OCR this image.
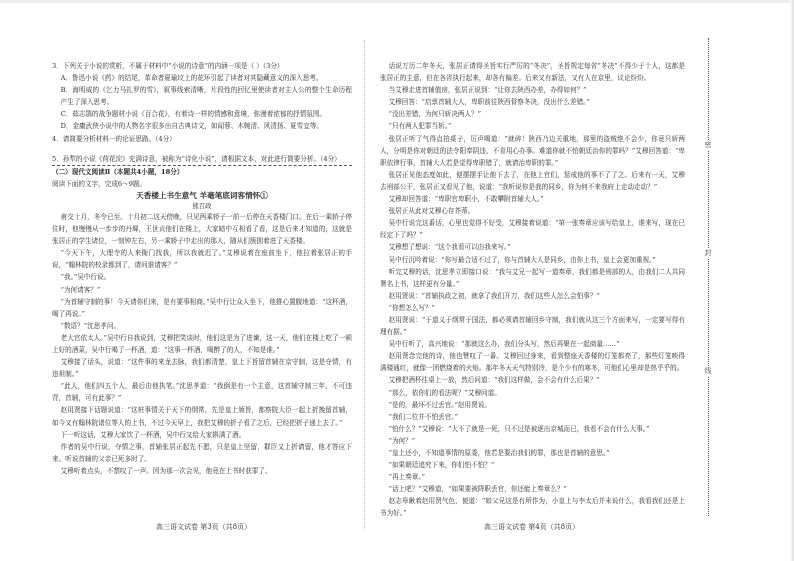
3．下列关于小说的赏析，不属于材料中“小说的诗意”的内涵一项是（ ）（3分）

A．鲁迅小说《药》的结尾，革命者夏瑜坟上的花环引起了读者对其隐藏意义的深入思考。

B．海明威的《乞力马扎罗的雪》，叙事线索清晰，片段性的回忆里使读者对主人公的整个生命历程产生了深入思考。

C．茹志鹃的战争题材小说《百合花》，有着诗一样的情感和意境，弥漫着浓郁的抒情氛围。

D．金庸武侠小说中的人物名字很多出自古典诗文，如闻蓉、木婉清、风清扬、夏雪宜等。

4．请简要分析材料一的论证思路。（4分）

5．孙犁的小说《荷花淀》充满诗意，被称为“诗化小说”，请根据文本，对此进行简要分析。（4分）

（二）现代文阅读Ⅱ（本题共4小题，18分）

阅读下面的文字，完成6～9题。

天香楼上书生意气 羊毫笔底词客情怀①

熊召政

甫交十月，冬令已至。十月初二这天傍晚，只见两乘轿子一前一后停在天香楼门口。在后一乘轿子停住时，他慢慢从一步步的丹墀，王世贞他们在楼上，大家暗中互相看了看，这是后来才知道的，这就是张居正的学生诸位，一刻钟左右，另一乘轿子中走出的那人，随从们簇拥着进了天香楼。

“今天下午，大理寺的人来衙门找我，所以我就迟了。”艾穆说着在座前坐下，他拉着张居正的手说，“翰林院的校录都到了，请问谁请客？”

“我。”吴中行说。

“为何请客？”

“为首辅守制的事！今天请你们来，是有要事相商。”吴中行让众人坐下，他推心置腹地道：“这杯酒，喝了再说。”

“数语？”沈思孝问。

老大官依太人。”吴中行自我说到，艾穆把笑谈时，他们这是为了进谏，这一天，他们在楼上吃了一顿上好的酒菜，吴中行喝了一杯酒，道：“这事一杯酒，喝醉了的人，不知是谁。”

艾穆接了话头，说道：“这件事的来龙去脉，我们都清楚，皇上下旨留首辅在京守制，这是夺情，有违祖制。”

“此人，他们四五个人，最后由他执笔。”沈思孝道：“我倒是有一个主意，这首辅守制三年，不可违背，首辅，可有此事？”

赵用贤接下话题说道：“这桩事情关于天下的纲常，先是皇上颁旨，都察院大臣一起上折挽留首辅，如今又有翰林院诸位等人的上书，不过今天早上，我把艾穆的折子看了之后，已经把折子递上去了。”

下一听这话，艾穆大家饮了一杯酒，吴中行又给大家斟满了酒。

作者的吴中行说，夺情之事，首辅张居正起先不愿，只是皇上坚留，群臣又上折请留，他才答应下来。听说首辅的父亲已死多时了。

艾穆听着点头，不禁叹了一声。因为那一次会见，他竟在上书时获罪了。

话说万历二年冬天，张居正请得圣旨实行严厉的“冬决”，圣旨规定每省“冬决”不得少于十人，这都是张居正的主意，但在各省执行起来，却各有偏差。后来又有新法，又有人在京里，议论纷纷。

当艾穆走进首辅值房，张居正说到：“让你去陕西办差，办得如何？”

艾穆回答：“启禀首辅大人，卑职前往陕西督察冬决，没出什么差错。”

“没出差错，为何只斩决两人？”

“只有两人犯罪当斩。”

张居正听了气得直拍桌子，厉声喝道：“就碎！陕西乃边关重地，那里的盗贼绝不会少，你竟只斩两人，分明是你对朝廷的法令阳奉阴违，不肯用心办事。难道你就不怕朝廷治你的罪吗？”艾穆回答道：“卑职依律行事，首辅大人若是觉得卑职错了，就请治卑职的罪。”

张居正见他态度如此，便摆摆手让他下去了，在他上官们，惩戒他的事不了了之。后来有一天，艾穆去刑部公干，张居正又看见了他，说道：“我听说你是我的同乡，你为何不来我府上走动走动？”

艾穆却回答道：“卑职官卑职小，不敢攀附首辅大人。”

张居正从此对艾穆心存芥蒂。

吴中行说完这番话，心里也觉得不好受，艾穆接着说道：“第一张奏章应该写给皇上，谁来写，现在已经定下了吗？”

艾穆想了想说：“这个我看可以由我来写。”

吴中行沉吟着说：“你写最合适不过了，你与首辅大人是同乡，由你上书，皇上会更加重视。”

听完艾穆的话，沈思孝立即接口说：“我与艾兄一起写一道奏章，我们都是刑部的人，由我们二人共同署名上书，这样更有分量。”

赵用贤说：“首辅执政之初，就拿了我们开刀，我们这些人怎么会怕事？”

“你想怎么写？”

赵用贤说：“于道义于纲常于国法，都必须请首辅回乡守制，我们就从这三个方面来写，一定要写得有理有据。”

吴中行听了，高兴地说：“那就这么办，我们分头写，然后再聚在一起商量……”

赵用贤念完他的诗，他也赞叹了一番。艾穆回过身来，看到整座天香楼的灯笼都亮了，那些灯笼映得满楼通红，就像一团燃烧着的火焰。那年冬天天气特别冷，是个少有的寒冬，可他们心里却是热乎乎的。

艾穆把酒杯往桌上一放，然后问道：“我们这样做，会不会有什么后果？”

“那么，依你们的看法呢？”艾穆问道。

“是的，最坏不过丢官。”赵用贤说。

“我们二位并不怕丢官。”

“怕什么？”艾穆说：“大不了就是一死，只不过是被逐出京城而已，我看不会有什么大事。”

“为何？”

“皇上还小，不知道事情的原委，他若是要治我们的罪，那也是首辅的意思。”

“如果朝廷追究下来，你们怕不怕？”

“再上奏章。”

“话上吧？”艾穆道，“如果要被降职丢官，你还能上奏章么？”

赵志皋瞅着赵用贤气色，便道：“如父兄这是有所作为，小皇上与李太后并未说什么，我看我们还是上书为好。”

密
封
线
高三语文试卷 第3页（共8页）	高三语文试卷 第4页（共8页）
